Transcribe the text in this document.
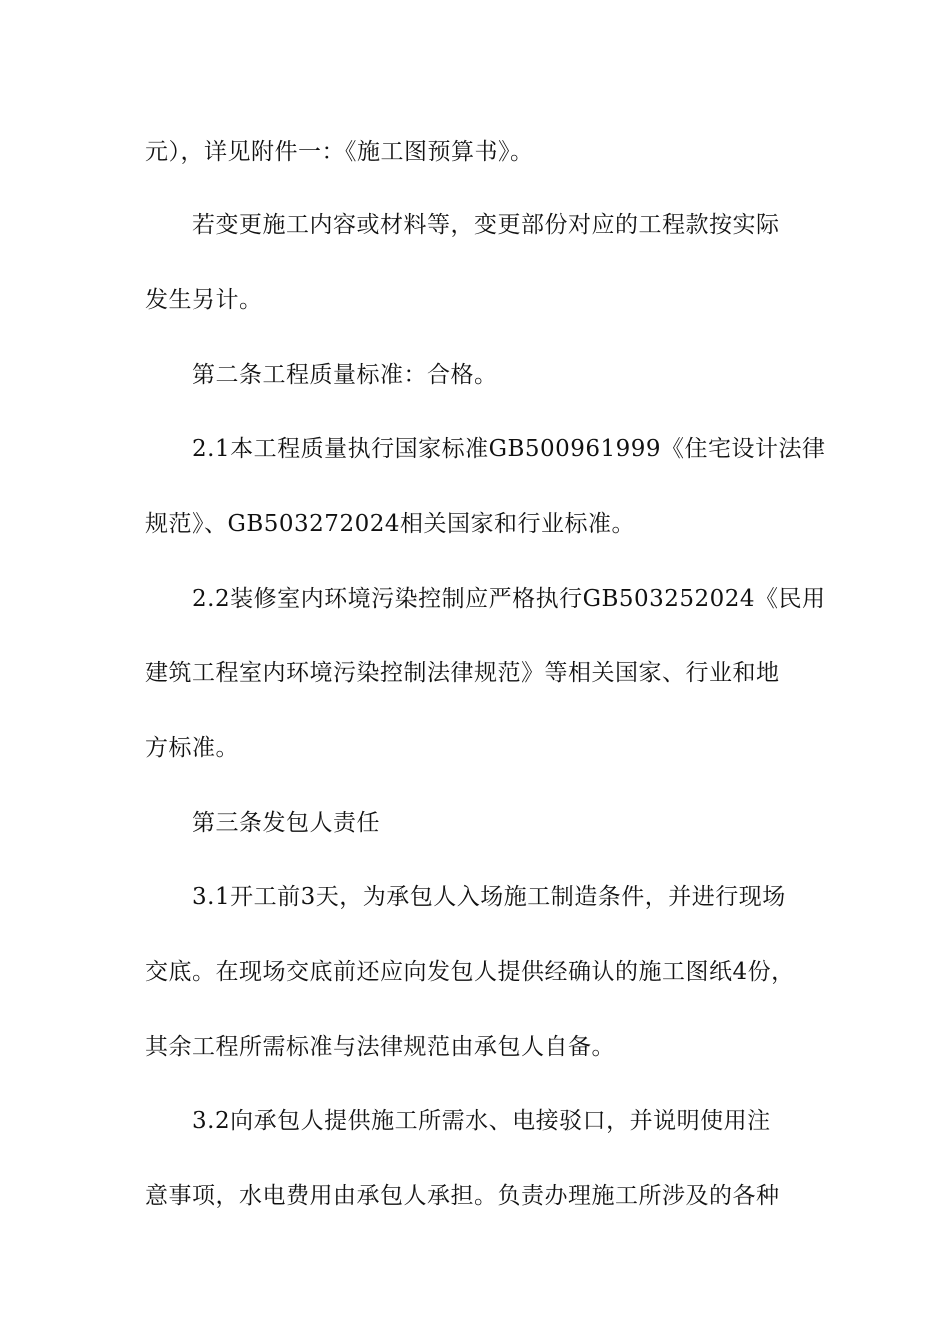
元），详见附件一：《施工图预算书》。
若变更施工内容或材料等，变更部份对应的工程款按实际
发生另计。
第二条工程质量标准：合格。
2.1本工程质量执行国家标准GB500961999《住宅设计法律
规范》、GB503272024相关国家和行业标准。
2.2装修室内环境污染控制应严格执行GB503252024《民用
建筑工程室内环境污染控制法律规范》等相关国家、行业和地
方标准。
第三条发包人责任
3.1开工前3天，为承包人入场施工制造条件，并进行现场
交底。在现场交底前还应向发包人提供经确认的施工图纸4份，
其余工程所需标准与法律规范由承包人自备。
3.2向承包人提供施工所需水、电接驳口，并说明使用注
意事项，水电费用由承包人承担。负责办理施工所涉及的各种
